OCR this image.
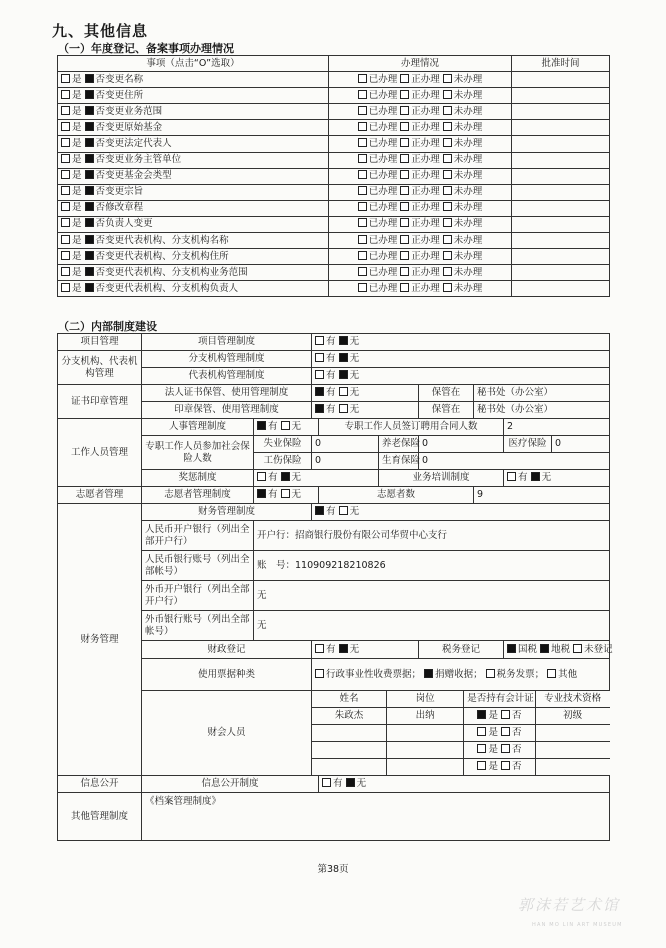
九、其他信息
（一）年度登记、备案事项办理情况
事项（点击“O”选取）	办理情况	批准时间
是 否变更名称	已办理 正办理 未办理	
是 否变更住所	已办理 正办理 未办理	
是 否变更业务范围	已办理 正办理 未办理	
是 否变更原始基金	已办理 正办理 未办理	
是 否变更法定代表人	已办理 正办理 未办理	
是 否变更业务主管单位	已办理 正办理 未办理	
是 否变更基金会类型	已办理 正办理 未办理	
是 否变更宗旨	已办理 正办理 未办理	
是 否修改章程	已办理 正办理 未办理	
是 否负责人变更	已办理 正办理 未办理	
是 否变更代表机构、分支机构名称	已办理 正办理 未办理	
是 否变更代表机构、分支机构住所	已办理 正办理 未办理	
是 否变更代表机构、分支机构业务范围	已办理 正办理 未办理	
是 否变更代表机构、分支机构负责人	已办理 正办理 未办理	
（二）内部制度建设
项目管理	项目管理制度	有 无
分支机构、代表机构管理	分支机构管理制度	有 无
代表机构管理制度	有 无
证书印章管理	法人证书保管、使用管理制度	有 无	保管在	秘书处（办公室）
印章保管、使用管理制度	有 无	保管在	秘书处（办公室）
工作人员管理	人事管理制度	有 无	专职工作人员签订聘用合同人数	2
专职工作人员参加社会保险人数	失业保险	0	养老保险	0	医疗保险	0
工伤保险	0	生育保险	0
奖惩制度	有 无	业务培训制度	有 无
志愿者管理	志愿者管理制度	有 无	志愿者数	9
财务管理	财务管理制度	有 无
人民币开户银行（列出全部开户行）	开户行：招商银行股份有限公司华贸中心支行
人民币银行账号（列出全部帐号）	账　号：110909218210826
外币开户银行（列出全部开户行）	无
外币银行账号（列出全部帐号）	无
财政登记	有 无	税务登记	国税 地税 未登记
使用票据种类	行政事业性收费票据； 捐赠收据； 税务发票； 其他
财会人员	
姓名	岗位	是否持有会计证	专业技术资格
朱政杰	出纳	是 否	初级
		是 否	
		是 否	
		是 否	

信息公开	信息公开制度	有 无
其他管理制度	《档案管理制度》
第38页
郭沫若艺术馆
HAN MO LIN ART MUSEUM
